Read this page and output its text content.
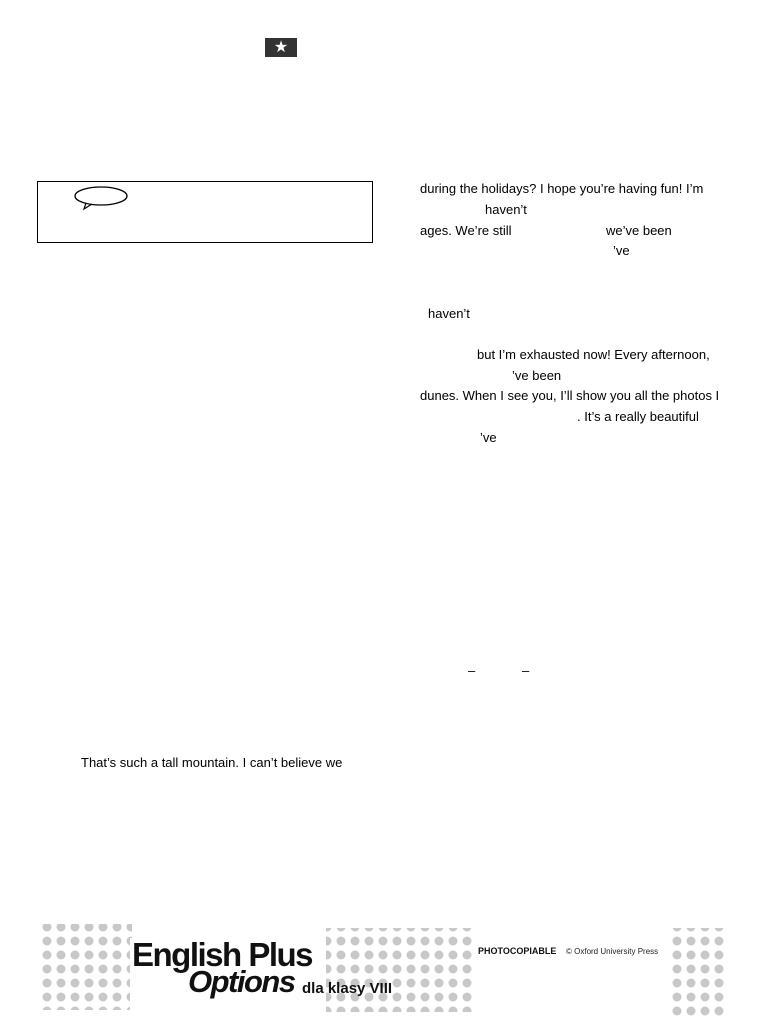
★
That’s such a tall mountain. I can’t believe we
during the holidays? I hope you’re having fun! I’m
haven’t
ages. We’re still	we’ve been
’ve
haven’t
but I’m exhausted now! Every afternoon,
’ve been
dunes. When I see you, I’ll show you all the photos I
. It’s a really beautiful
’ve
–	–
English Plus
Options dla klasy VIII
PHOTOCOPIABLE © Oxford University Press
